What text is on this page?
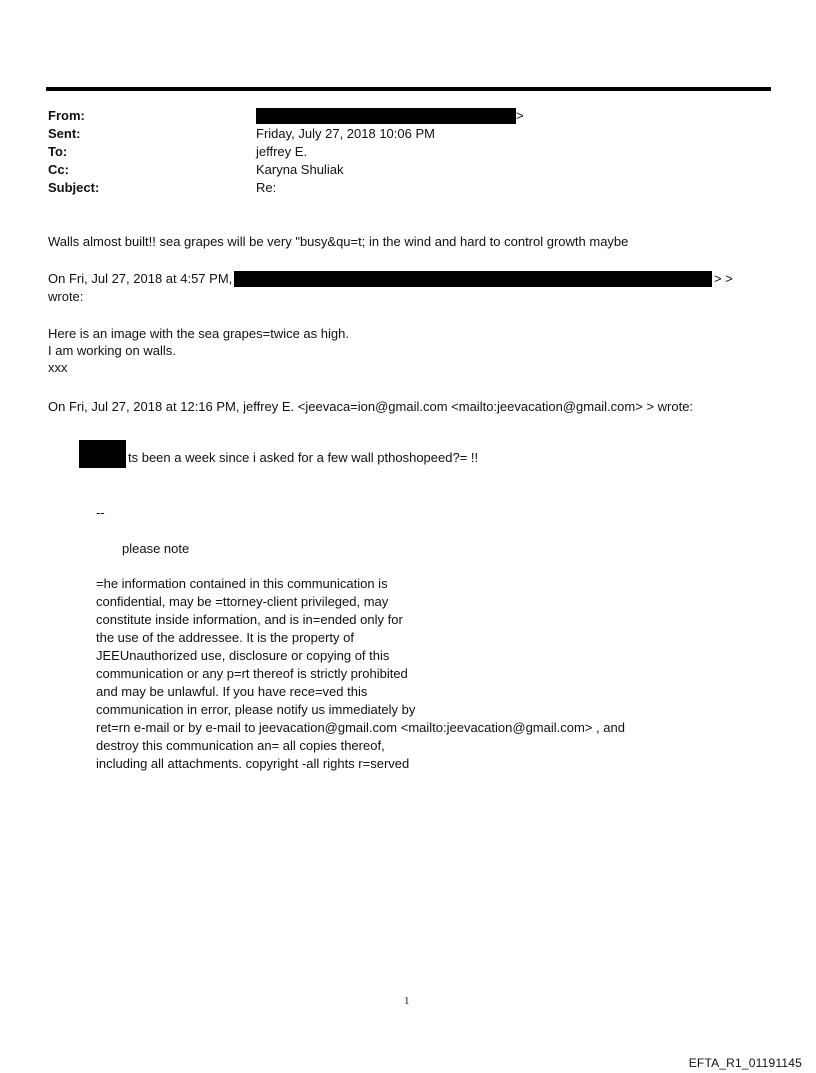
From:	>
Sent:	Friday, July 27, 2018 10:06 PM
To:	jeffrey E.
Cc:	Karyna Shuliak
Subject:	Re:
Walls almost built!! sea grapes will be very "busy&qu=t; in the wind and hard to control growth maybe
On Fri, Jul 27, 2018 at 4:57 PM,	> >
wrote:
Here is an image with the sea grapes=twice as high.
I am working on walls.
xxx
On Fri, Jul 27, 2018 at 12:16 PM, jeffrey E. <jeevaca=ion@gmail.com <mailto:jeevacation@gmail.com> > wrote:
ts been a week since i asked for a few wall pthoshopeed?= !!
--
please note
=he information contained in this communication is
confidential, may be =ttorney-client privileged, may
constitute inside information, and is in=ended only for
the use of the addressee. It is the property of
JEEUnauthorized use, disclosure or copying of this
communication or any p=rt thereof is strictly prohibited
and may be unlawful. If you have rece=ved this
communication in error, please notify us immediately by
ret=rn e-mail or by e-mail to jeevacation@gmail.com <mailto:jeevacation@gmail.com> , and
destroy this communication an= all copies thereof,
including all attachments. copyright -all rights r=served
1
EFTA_R1_01191145
